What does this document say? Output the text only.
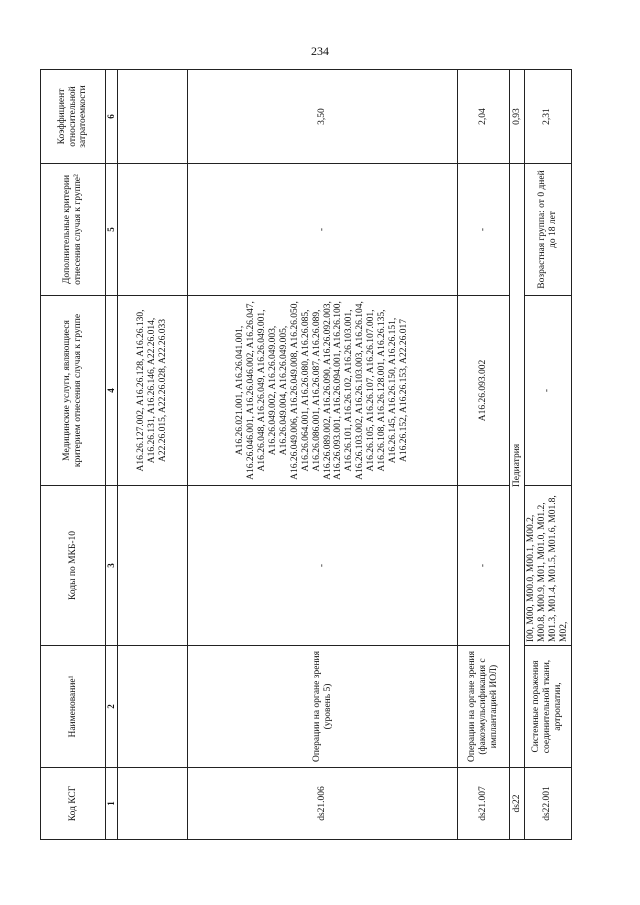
234
Код КСГ	Наименование¹	Коды по МКБ-10	Медицинские услуги, являющиеся критерием отнесения случая к группе	Дополнительные критерии отнесения случая к группе²	Коэффициент относительной затратоемкости
1	2	3	4	5	6
			A16.26.127.002, A16.26.128, A16.26.130, A16.26.131, A16.26.146, A22.26.014, A22.26.015, A22.26.028, A22.26.033		
ds21.006	Операции на органе зрения (уровень 5)	-	A16.26.021.001, A16.26.041.001, A16.26.046.001, A16.26.046.002, A16.26.047, A16.26.048, A16.26.049, A16.26.049.001, A16.26.049.002, A16.26.049.003, A16.26.049.004, A16.26.049.005, A16.26.049.006, A16.26.049.008, A16.26.050, A16.26.064.001, A16.26.080, A16.26.085, A16.26.086.001, A16.26.087, A16.26.089, A16.26.089.002, A16.26.090, A16.26.092.003, A16.26.093.001, A16.26.094.001, A16.26.100, A16.26.101, A16.26.102, A16.26.103.001, A16.26.103.002, A16.26.103.003, A16.26.104, A16.26.105, A16.26.107, A16.26.107.001, A16.26.108, A16.26.128.001, A16.26.135, A16.26.145, A16.26.150, A16.26.151, A16.26.152, A16.26.153, A22.26.017	-	3,50
ds21.007	Операции на органе зрения (факоэмульсификация с имплантацией ИОЛ)	-	A16.26.093.002	-	2,04
ds22	Педиатрия				0,93
ds22.001	Системные поражения соединительной ткани, артропатии,	I00, M00, M00.0, M00.1, M00.2, M00.8, M00.9, M01, M01.0, M01.2, M01.3, M01.4, M01.5, M01.6, M01.8, M02,	-	Возрастная группа: от 0 дней до 18 лет	2,31
